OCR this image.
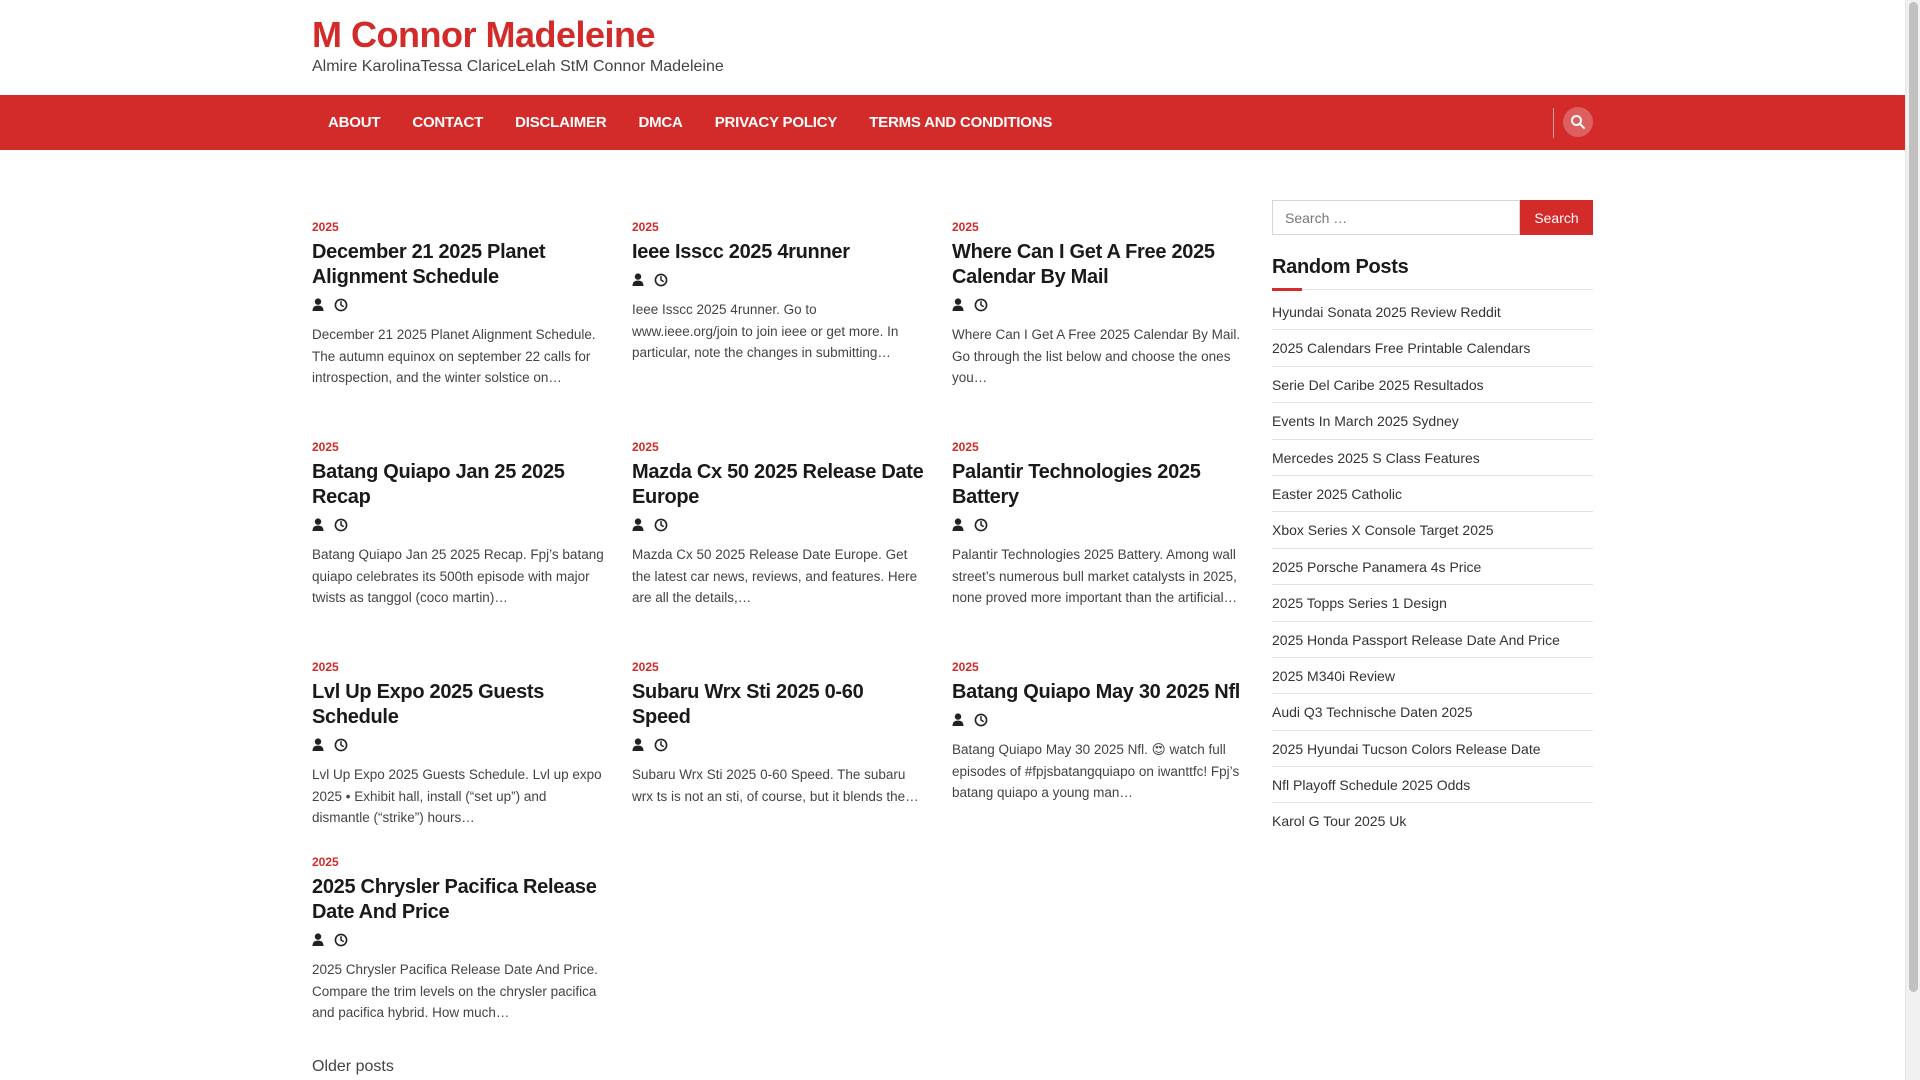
M Connor Madeleine
Almire KarolinaTessa ClariceLelah StM Connor Madeleine
ABOUT	CONTACT	DISCLAIMER	DMCA	PRIVACY POLICY	TERMS AND CONDITIONS
2025
December 21 2025 Planet Alignment Schedule
December 21 2025 Planet Alignment Schedule. The autumn equinox on september 22 calls for introspection, and the winter solstice on…
2025
Ieee Isscc 2025 4runner
Ieee Isscc 2025 4runner. Go to www.ieee.org/join to join ieee or get more. In particular, note the changes in submitting…
2025
Where Can I Get A Free 2025 Calendar By Mail
Where Can I Get A Free 2025 Calendar By Mail. Go through the list below and choose the ones you…
2025
Batang Quiapo Jan 25 2025 Recap
Batang Quiapo Jan 25 2025 Recap. Fpj’s batang quiapo celebrates its 500th episode with major twists as tanggol (coco martin)…
2025
Mazda Cx 50 2025 Release Date Europe
Mazda Cx 50 2025 Release Date Europe. Get the latest car news, reviews, and features. Here are all the details,…
2025
Palantir Technologies 2025 Battery
Palantir Technologies 2025 Battery. Among wall street’s numerous bull market catalysts in 2025, none proved more important than the artificial…
2025
Lvl Up Expo 2025 Guests Schedule
Lvl Up Expo 2025 Guests Schedule. Lvl up expo 2025 • Exhibit hall, install (“set up”) and dismantle (“strike”) hours…
2025
Subaru Wrx Sti 2025 0-60 Speed
Subaru Wrx Sti 2025 0-60 Speed. The subaru wrx ts is not an sti, of course, but it blends the…
2025
Batang Quiapo May 30 2025 Nfl
Batang Quiapo May 30 2025 Nfl. 😍 watch full episodes of #fpjsbatangquiapo on iwanttfc! Fpj’s batang quiapo a young man…
2025
2025 Chrysler Pacifica Release Date And Price
2025 Chrysler Pacifica Release Date And Price. Compare the trim levels on the chrysler pacifica and pacifica hybrid. How much…
Older posts
Search …
Search
Random Posts
Hyundai Sonata 2025 Review Reddit
2025 Calendars Free Printable Calendars
Serie Del Caribe 2025 Resultados
Events In March 2025 Sydney
Mercedes 2025 S Class Features
Easter 2025 Catholic
Xbox Series X Console Target 2025
2025 Porsche Panamera 4s Price
2025 Topps Series 1 Design
2025 Honda Passport Release Date And Price
2025 M340i Review
Audi Q3 Technische Daten 2025
2025 Hyundai Tucson Colors Release Date
Nfl Playoff Schedule 2025 Odds
Karol G Tour 2025 Uk
